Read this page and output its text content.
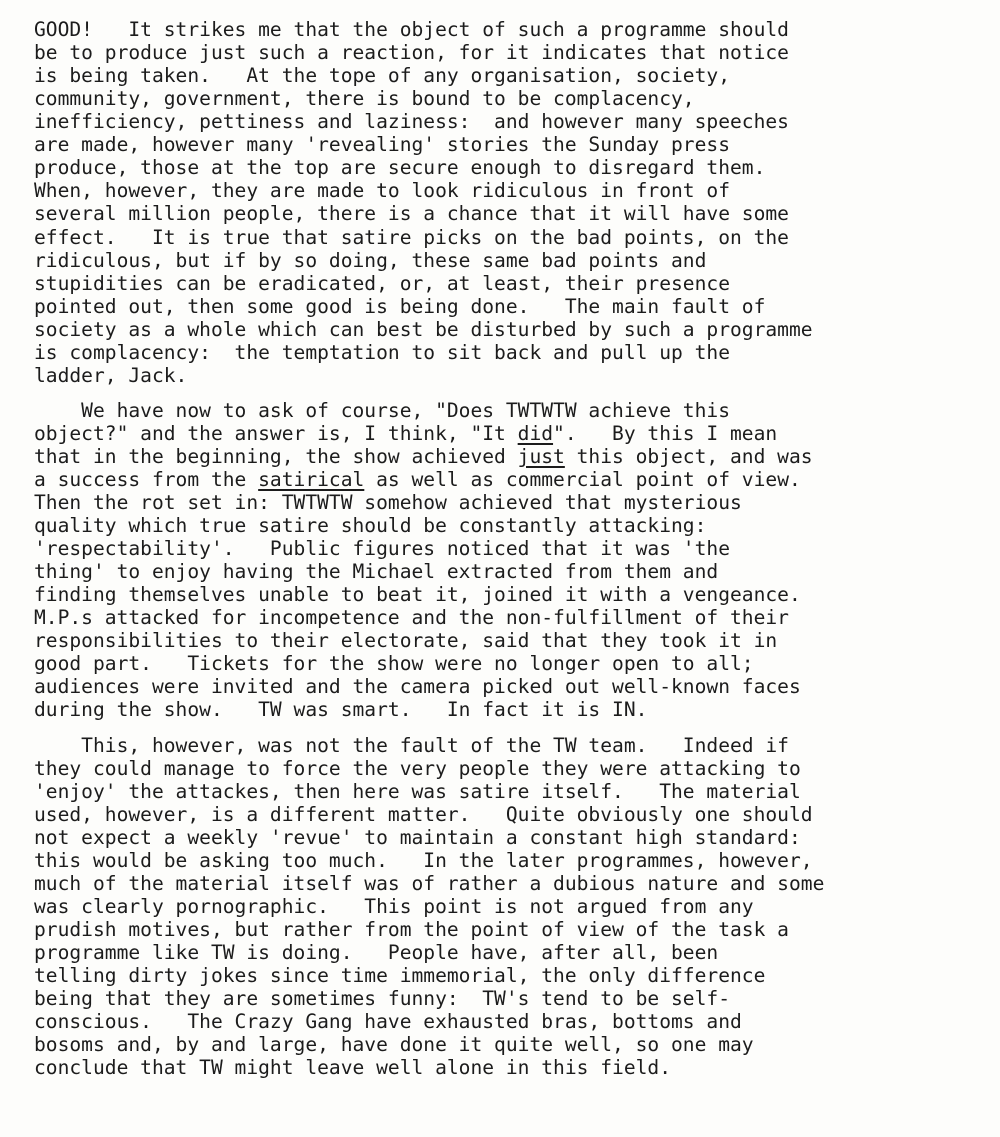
GOOD!   It strikes me that the object of such a programme should

be to produce just such a reaction, for it indicates that notice

is being taken.   At the tope of any organisation, society,

community, government, there is bound to be complacency,

inefficiency, pettiness and laziness:  and however many speeches

are made, however many 'revealing' stories the Sunday press

produce, those at the top are secure enough to disregard them.

When, however, they are made to look ridiculous in front of

several million people, there is a chance that it will have some

effect.   It is true that satire picks on the bad points, on the

ridiculous, but if by so doing, these same bad points and

stupidities can be eradicated, or, at least, their presence

pointed out, then some good is being done.   The main fault of

society as a whole which can best be disturbed by such a programme

is complacency:  the temptation to sit back and pull up the

ladder, Jack.

We have now to ask of course, "Does TWTWTW achieve this

object?" and the answer is, I think, "It did".   By this I mean

that in the beginning, the show achieved just this object, and was

a success from the satirical as well as commercial point of view.

Then the rot set in: TWTWTW somehow achieved that mysterious

quality which true satire should be constantly attacking:

'respectability'.   Public figures noticed that it was 'the

thing' to enjoy having the Michael extracted from them and

finding themselves unable to beat it, joined it with a vengeance.

M.P.s attacked for incompetence and the non-fulfillment of their

responsibilities to their electorate, said that they took it in

good part.   Tickets for the show were no longer open to all;

audiences were invited and the camera picked out well-known faces

during the show.   TW was smart.   In fact it is IN.

This, however, was not the fault of the TW team.   Indeed if

they could manage to force the very people they were attacking to

'enjoy' the attackes, then here was satire itself.   The material

used, however, is a different matter.   Quite obviously one should

not expect a weekly 'revue' to maintain a constant high standard:

this would be asking too much.   In the later programmes, however,

much of the material itself was of rather a dubious nature and some

was clearly pornographic.   This point is not argued from any

prudish motives, but rather from the point of view of the task a

programme like TW is doing.   People have, after all, been

telling dirty jokes since time immemorial, the only difference

being that they are sometimes funny:  TW's tend to be self-

conscious.   The Crazy Gang have exhausted bras, bottoms and

bosoms and, by and large, have done it quite well, so one may

conclude that TW might leave well alone in this field.
